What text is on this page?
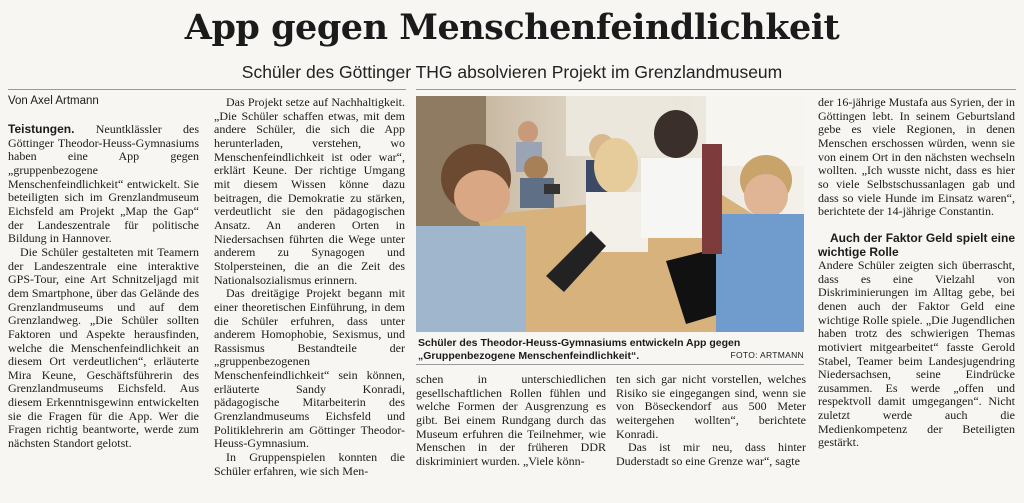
App gegen Menschenfeindlichkeit
Schüler des Göttinger THG absolvieren Projekt im Grenzlandmuseum
Von Axel Artmann

Teistungen. Neuntklässler des Göttinger Theodor-Heuss-Gymnasiums haben eine App gegen „gruppenbezogene Menschenfeindlichkeit“ entwickelt. Sie beteiligten sich im Grenzlandmuseum Eichsfeld am Projekt „Map the Gap“ der Landeszentrale für politische Bildung in Hannover.

Die Schüler gestalteten mit Teamern der Landeszentrale eine interaktive GPS-Tour, eine Art Schnitzeljagd mit dem Smartphone, über das Gelände des Grenzlandmuseums und auf dem Grenzlandweg. „Die Schüler sollten Faktoren und Aspekte herausfinden, welche die Menschenfeindlichkeit an diesem Ort verdeutlichen“, erläuterte Mira Keune, Geschäftsführerin des Grenzlandmuseums Eichsfeld. Aus diesem Erkenntnisgewinn entwickelten sie die Fragen für die App. Wer die Fragen richtig beantworte, werde zum nächsten Standort gelotst.

Das Projekt setze auf Nachhaltigkeit. „Die Schüler schaffen etwas, mit dem andere Schüler, die sich die App herunterladen, verstehen, wo Menschenfeindlichkeit ist oder war“, erklärt Keune. Der richtige Umgang mit diesem Wissen könne dazu beitragen, die Demokratie zu stärken, verdeutlicht sie den pädagogischen Ansatz. An anderen Orten in Niedersachsen führten die Wege unter anderem zu Synagogen und Stolpersteinen, die an die Zeit des Nationalsozialismus erinnern.

Das dreitägige Projekt begann mit einer theoretischen Einführung, in dem die Schüler erfuhren, dass unter anderem Homophobie, Sexismus, und Rassismus Bestandteile der „gruppenbezogenen Menschenfeindlichkeit“ sein können, erläuterte Sandy Konradi, pädagogische Mitarbeiterin des Grenzlandmuseums Eichsfeld und Politiklehrerin am Göttinger Theodor-Heuss-Gymnasium.

In Gruppenspielen konnten die Schüler erfahren, wie sich Men-

Schüler des Theodor-Heuss-Gymnasiums entwickeln App gegen „Gruppenbezogene Menschenfeindlichkeit“.	FOTO: ARTMANN

schen in unterschiedlichen gesellschaftlichen Rollen fühlen und welche Formen der Ausgrenzung es gibt. Bei einem Rundgang durch das Museum erfuhren die Teilnehmer, wie Menschen in der früheren DDR diskriminiert wurden. „Viele könn-

ten sich gar nicht vorstellen, welches Risiko sie eingegangen sind, wenn sie von Böseckendorf aus 500 Meter weitergehen wollten“, berichtete Konradi.

Das ist mir neu, dass hinter Duderstadt so eine Grenze war“, sagte

der 16-jährige Mustafa aus Syrien, der in Göttingen lebt. In seinem Geburtsland gebe es viele Regionen, in denen Menschen erschossen würden, wenn sie von einem Ort in den nächsten wechseln wollten. „Ich wusste nicht, dass es hier so viele Selbstschussanlagen gab und dass so viele Hunde im Einsatz waren“, berichtete der 14-jährige Constantin.

Auch der Faktor Geld spielt eine wichtige Rolle

Andere Schüler zeigten sich überrascht, dass es eine Vielzahl von Diskriminierungen im Alltag gebe, bei denen auch der Faktor Geld eine wichtige Rolle spiele. „Die Jugendlichen haben trotz des schwierigen Themas motiviert mitgearbeitet“ fasste Gerold Stabel, Teamer beim Landesjugendring Niedersachsen, seine Eindrücke zusammen. Es werde „offen und respektvoll damit umgegangen“. Nicht zuletzt werde auch die Medienkompetenz der Beteiligten gestärkt.
